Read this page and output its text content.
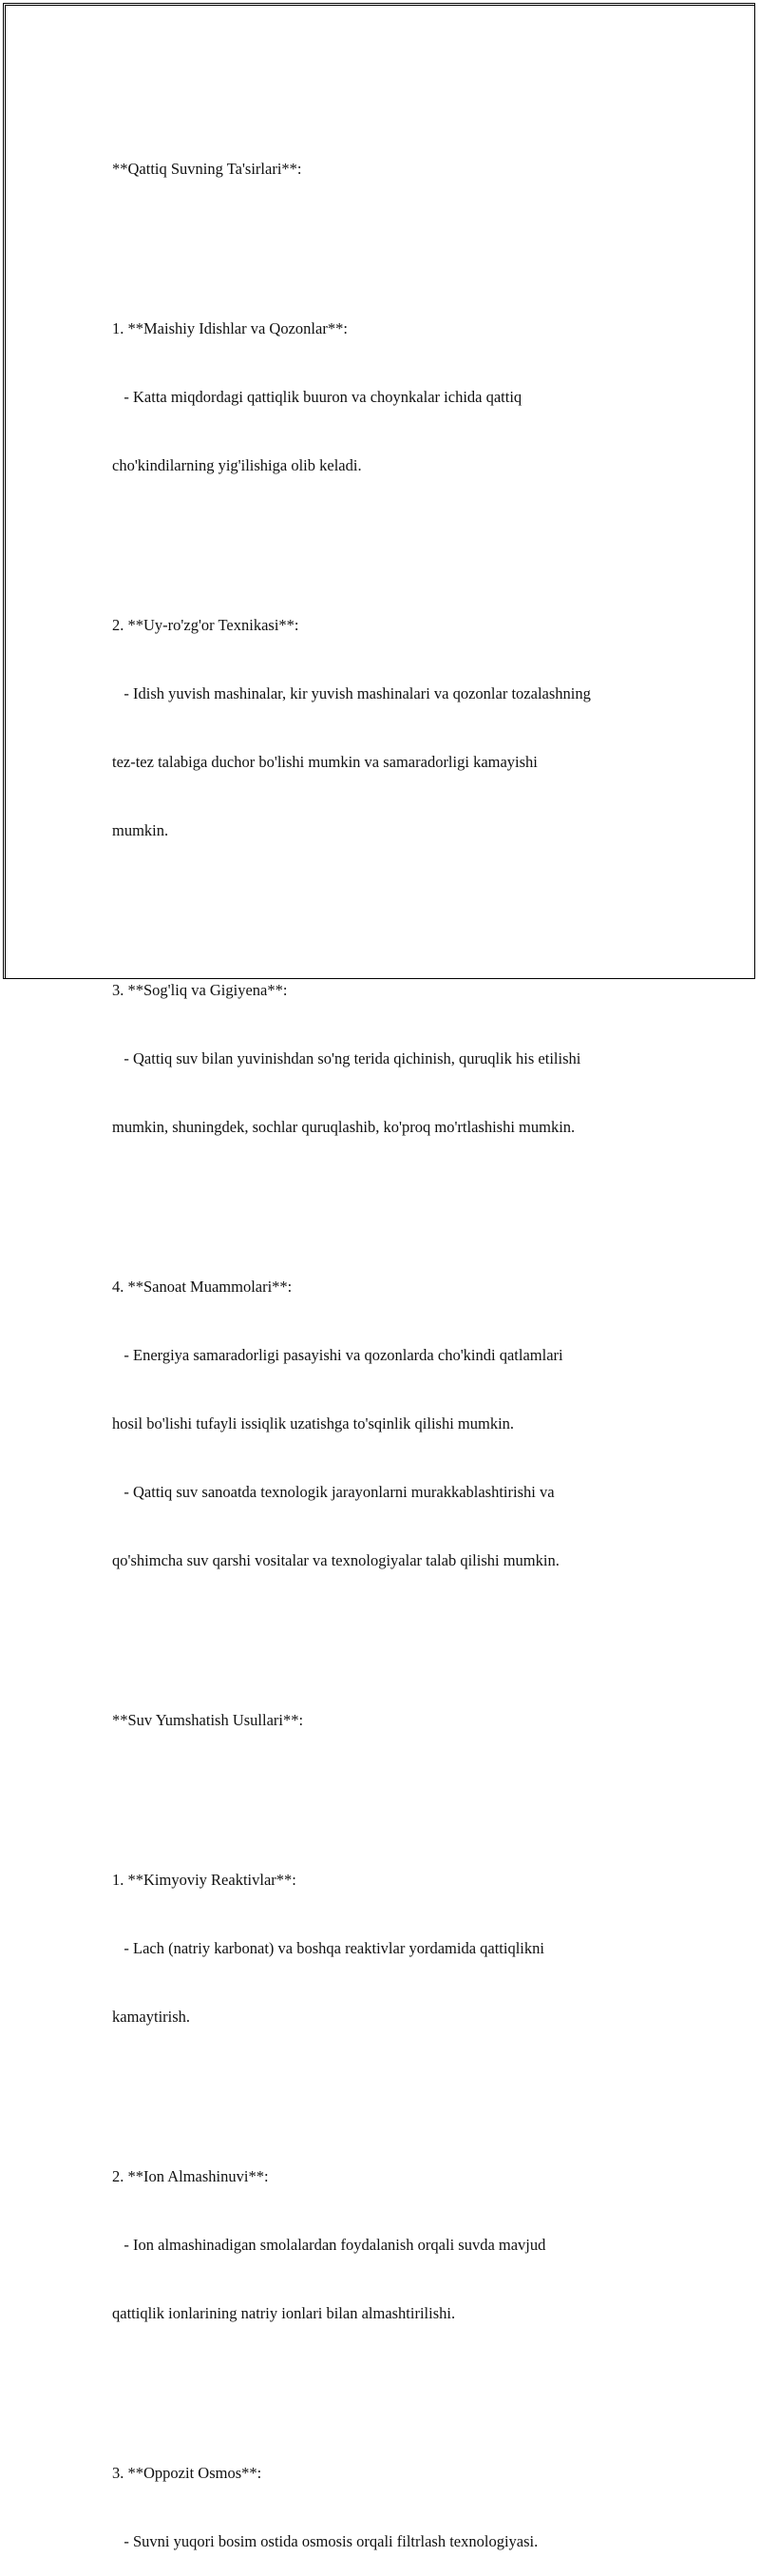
**Qattiq Suvning Ta'sirlari**:

1. **Maishiy Idishlar va Qozonlar**:

- Katta miqdordagi qattiqlik buuron va choynkalar ichida qattiq

cho'kindilarning yig'ilishiga olib keladi.

2. **Uy-ro'zg'or Texnikasi**:

- Idish yuvish mashinalar, kir yuvish mashinalari va qozonlar tozalashning

tez-tez talabiga duchor bo'lishi mumkin va samaradorligi kamayishi

mumkin.

3. **Sog'liq va Gigiyena**:

- Qattiq suv bilan yuvinishdan so'ng terida qichinish, quruqlik his etilishi

mumkin, shuningdek, sochlar quruqlashib, ko'proq mo'rtlashishi mumkin.

4. **Sanoat Muammolari**:

- Energiya samaradorligi pasayishi va qozonlarda cho'kindi qatlamlari

hosil bo'lishi tufayli issiqlik uzatishga to'sqinlik qilishi mumkin.

- Qattiq suv sanoatda texnologik jarayonlarni murakkablashtirishi va

qo'shimcha suv qarshi vositalar va texnologiyalar talab qilishi mumkin.

**Suv Yumshatish Usullari**:

1. **Kimyoviy Reaktivlar**:

- Lach (natriy karbonat) va boshqa reaktivlar yordamida qattiqlikni

kamaytirish.

2. **Ion Almashinuvi**:

- Ion almashinadigan smolalardan foydalanish orqali suvda mavjud

qattiqlik ionlarining natriy ionlari bilan almashtirilishi.

3. **Oppozit Osmos**:

- Suvni yuqori bosim ostida osmosis orqali filtrlash texnologiyasi.
